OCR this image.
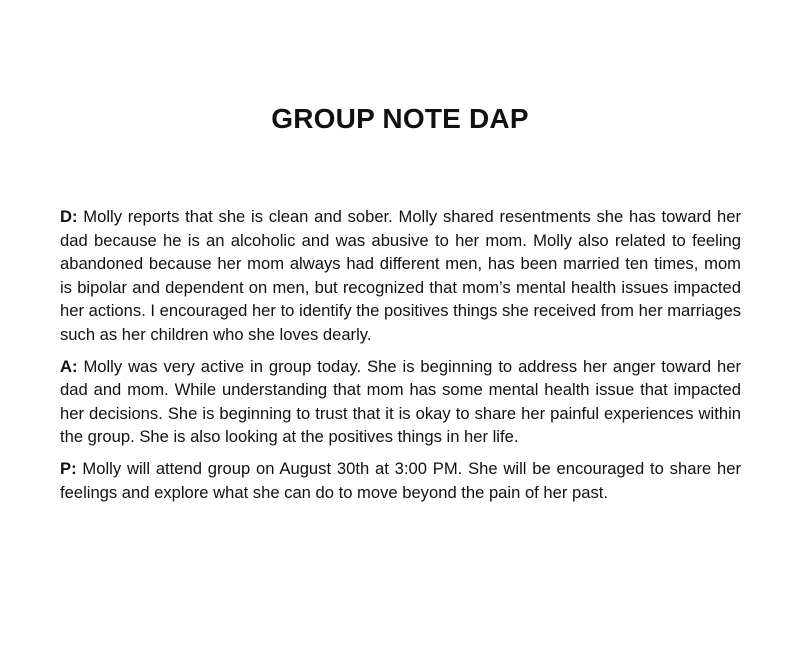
GROUP NOTE DAP

D: Molly reports that she is clean and sober. Molly shared resentments she has toward her dad because he is an alcoholic and was abusive to her mom. Molly also related to feeling abandoned because her mom always had different men, has been married ten times, mom is bipolar and dependent on men, but recognized that mom’s mental health issues impacted her actions. I encouraged her to identify the positives things she received from her marriages such as her children who she loves dearly.

A: Molly was very active in group today. She is beginning to address her anger toward her dad and mom. While understanding that mom has some mental health issue that impacted her decisions. She is beginning to trust that it is okay to share her painful experiences within the group. She is also looking at the positives things in her life.

P: Molly will attend group on August 30th at 3:00 PM. She will be encouraged to share her feelings and explore what she can do to move beyond the pain of her past.
